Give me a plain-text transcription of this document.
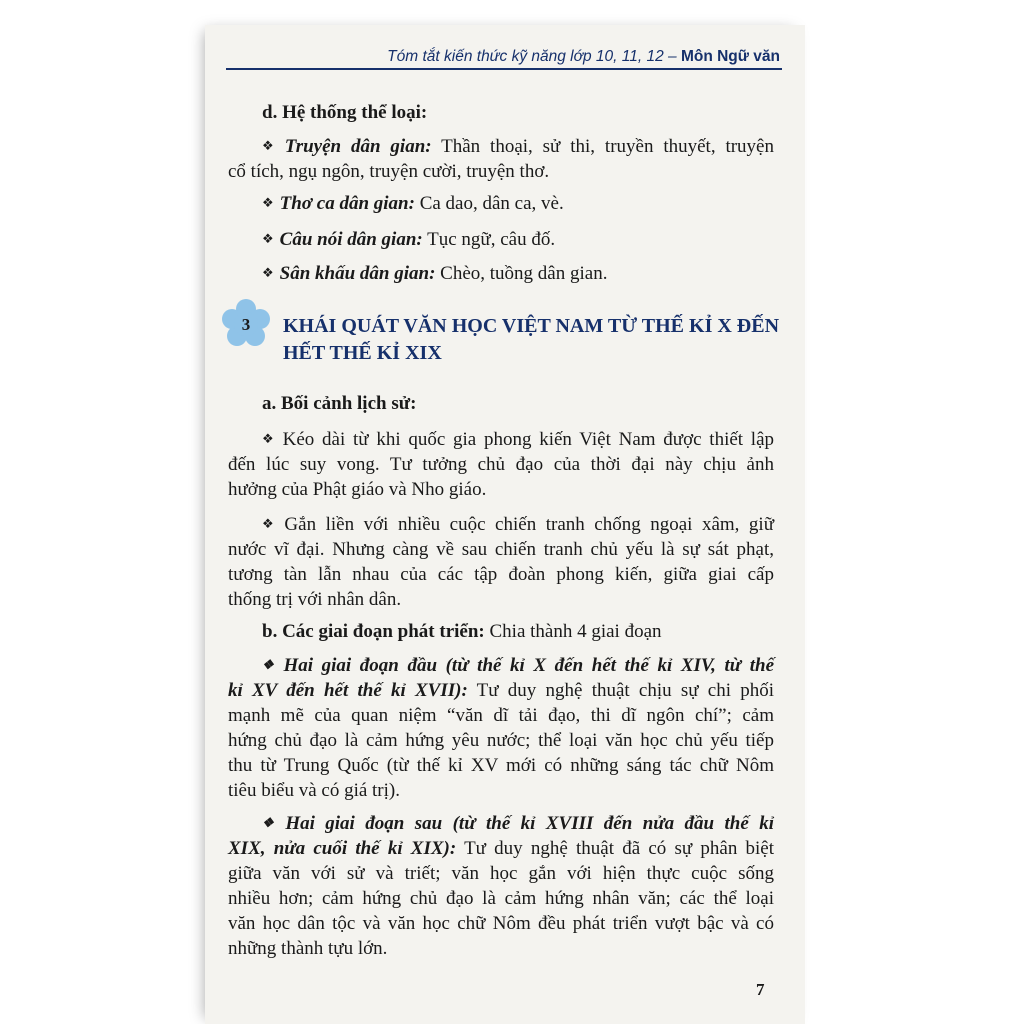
Tóm tắt kiến thức kỹ năng lớp 10, 11, 12 – Môn Ngữ văn
d. Hệ thống thể loại:
❖ Truyện dân gian: Thần thoại, sử thi, truyền thuyết, truyện
cổ tích, ngụ ngôn, truyện cười, truyện thơ.
❖ Thơ ca dân gian: Ca dao, dân ca, vè.
❖ Câu nói dân gian: Tục ngữ, câu đố.
❖ Sân khấu dân gian: Chèo, tuồng dân gian.
3 KHÁI QUÁT VĂN HỌC VIỆT NAM TỪ THẾ KỈ X ĐẾN
HẾT THẾ KỈ XIX
a. Bối cảnh lịch sử:
❖ Kéo dài từ khi quốc gia phong kiến Việt Nam được thiết lập
đến lúc suy vong. Tư tưởng chủ đạo của thời đại này chịu ảnh
hưởng của Phật giáo và Nho giáo.
❖ Gắn liền với nhiều cuộc chiến tranh chống ngoại xâm, giữ
nước vĩ đại. Nhưng càng về sau chiến tranh chủ yếu là sự sát phạt,
tương tàn lẫn nhau của các tập đoàn phong kiến, giữa giai cấp
thống trị với nhân dân.
b. Các giai đoạn phát triển: Chia thành 4 giai đoạn
❖ Hai giai đoạn đầu (từ thế kỉ X đến hết thế kỉ XIV, từ thế
kỉ XV đến hết thế kỉ XVII): Tư duy nghệ thuật chịu sự chi phối
mạnh mẽ của quan niệm “văn dĩ tải đạo, thi dĩ ngôn chí”; cảm
hứng chủ đạo là cảm hứng yêu nước; thể loại văn học chủ yếu tiếp
thu từ Trung Quốc (từ thế kỉ XV mới có những sáng tác chữ Nôm
tiêu biểu và có giá trị).
❖ Hai giai đoạn sau (từ thế kỉ XVIII đến nửa đầu thế kỉ
XIX, nửa cuối thế kỉ XIX): Tư duy nghệ thuật đã có sự phân biệt
giữa văn với sử và triết; văn học gắn với hiện thực cuộc sống
nhiều hơn; cảm hứng chủ đạo là cảm hứng nhân văn; các thể loại
văn học dân tộc và văn học chữ Nôm đều phát triển vượt bậc và có
những thành tựu lớn.
7
